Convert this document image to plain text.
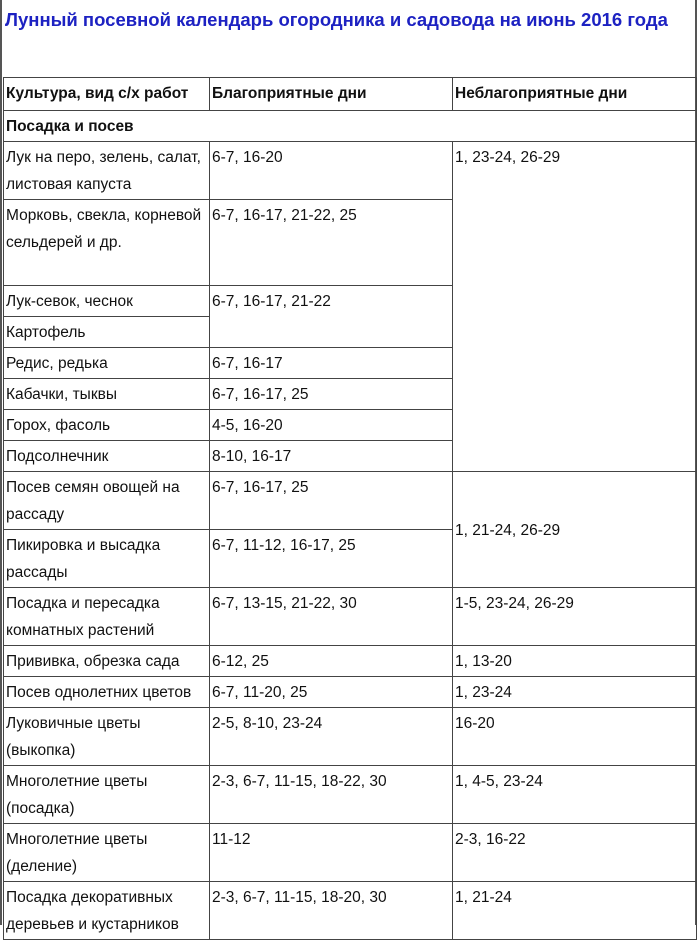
Лунный посевной календарь огородника и садовода на июнь 2016 года
Культура, вид с/х работ	Благоприятные дни	Неблагоприятные дни
Посадка и посев		
Лук на перо, зелень, салат, листовая капуста	6-7, 16-20	1, 23-24, 26-29
Морковь, свекла, корневой сельдерей и др.	6-7, 16-17, 21-22, 25	
Лук-севок, чеснок	6-7, 16-17, 21-22	
Картофель		
Редис, редька	6-7, 16-17	
Кабачки, тыквы	6-7, 16-17, 25	
Горох, фасоль	4-5, 16-20	
Подсолнечник	8-10, 16-17	
Посев семян овощей на рассаду	6-7, 16-17, 25	1, 21-24, 26-29
Пикировка и высадка рассады	6-7, 11-12, 16-17, 25	
Посадка и пересадка комнатных растений	6-7, 13-15, 21-22, 30	1-5, 23-24, 26-29
Прививка, обрезка сада	6-12, 25	1, 13-20
Посев однолетних цветов	6-7, 11-20, 25	1, 23-24
Луковичные цветы (выкопка)	2-5, 8-10, 23-24	16-20
Многолетние цветы (посадка)	2-3, 6-7, 11-15, 18-22, 30	1, 4-5, 23-24
Многолетние цветы (деление)	11-12	2-3, 16-22
Посадка декоративных деревьев и кустарников	2-3, 6-7, 11-15, 18-20, 30	1, 21-24
